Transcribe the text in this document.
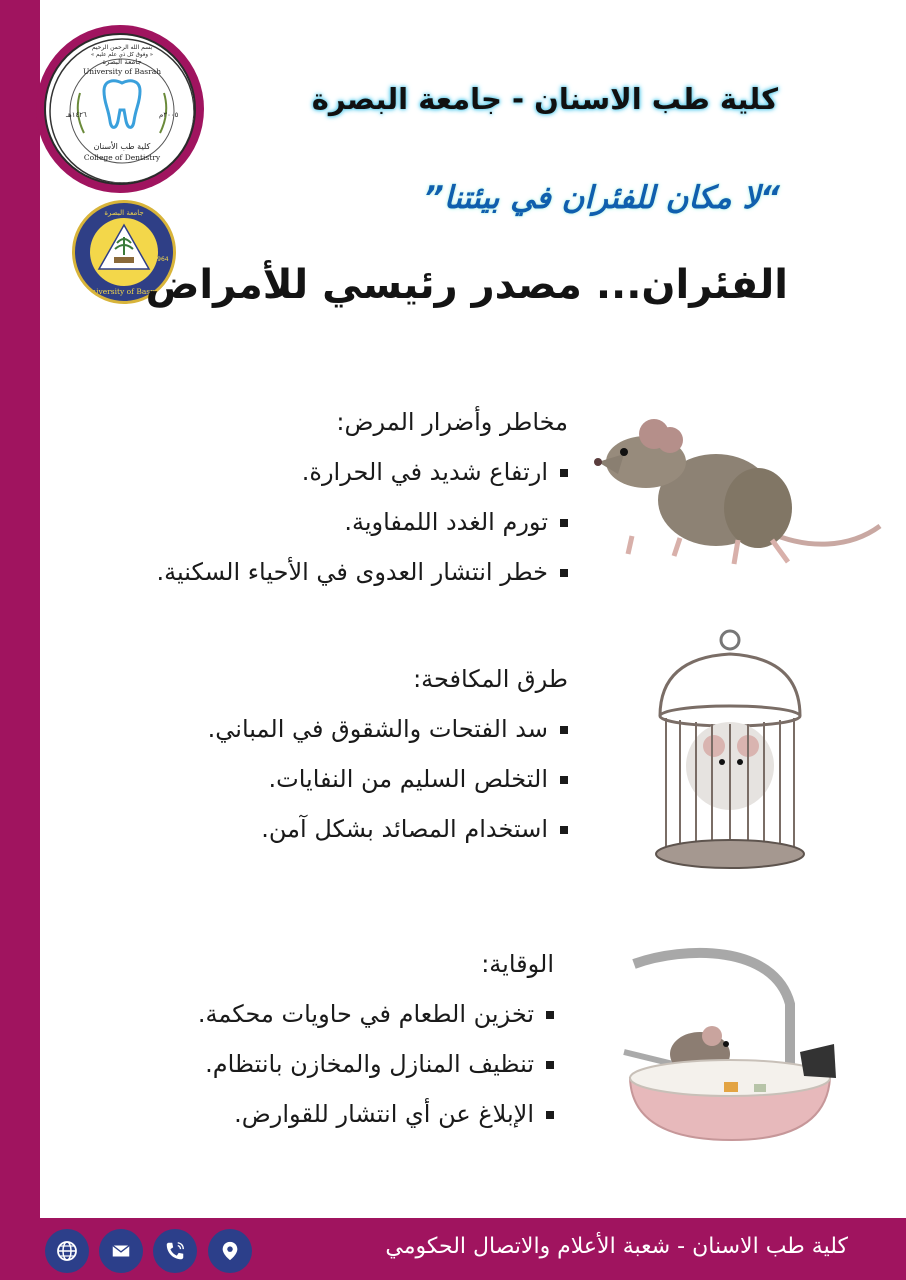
بسم الله الرحمن الرحيم
« وفوق كل ذي علم عليم »
جامعة البصرة
University of Basrah
١٤٢٦هـ	٢٠٠٥م
كلية طب الأسنان
College of Dentistry
University of Basrah
جامعة البصرة
1964
كلية طب الاسنان - جامعة البصرة
“لا مكان للفئران في بيئتنا”
الفئران... مصدر رئيسي للأمراض
مخاطر وأضرار المرض:
ارتفاع شديد في الحرارة.
تورم الغدد اللمفاوية.
خطر انتشار العدوى في الأحياء السكنية.
طرق المكافحة:
سد الفتحات والشقوق في المباني.
التخلص السليم من النفايات.
استخدام المصائد بشكل آمن.
الوقاية:
تخزين الطعام في حاويات محكمة.
تنظيف المنازل والمخازن بانتظام.
الإبلاغ عن أي انتشار للقوارض.
كلية طب الاسنان - شعبة الأعلام والاتصال الحكومي
